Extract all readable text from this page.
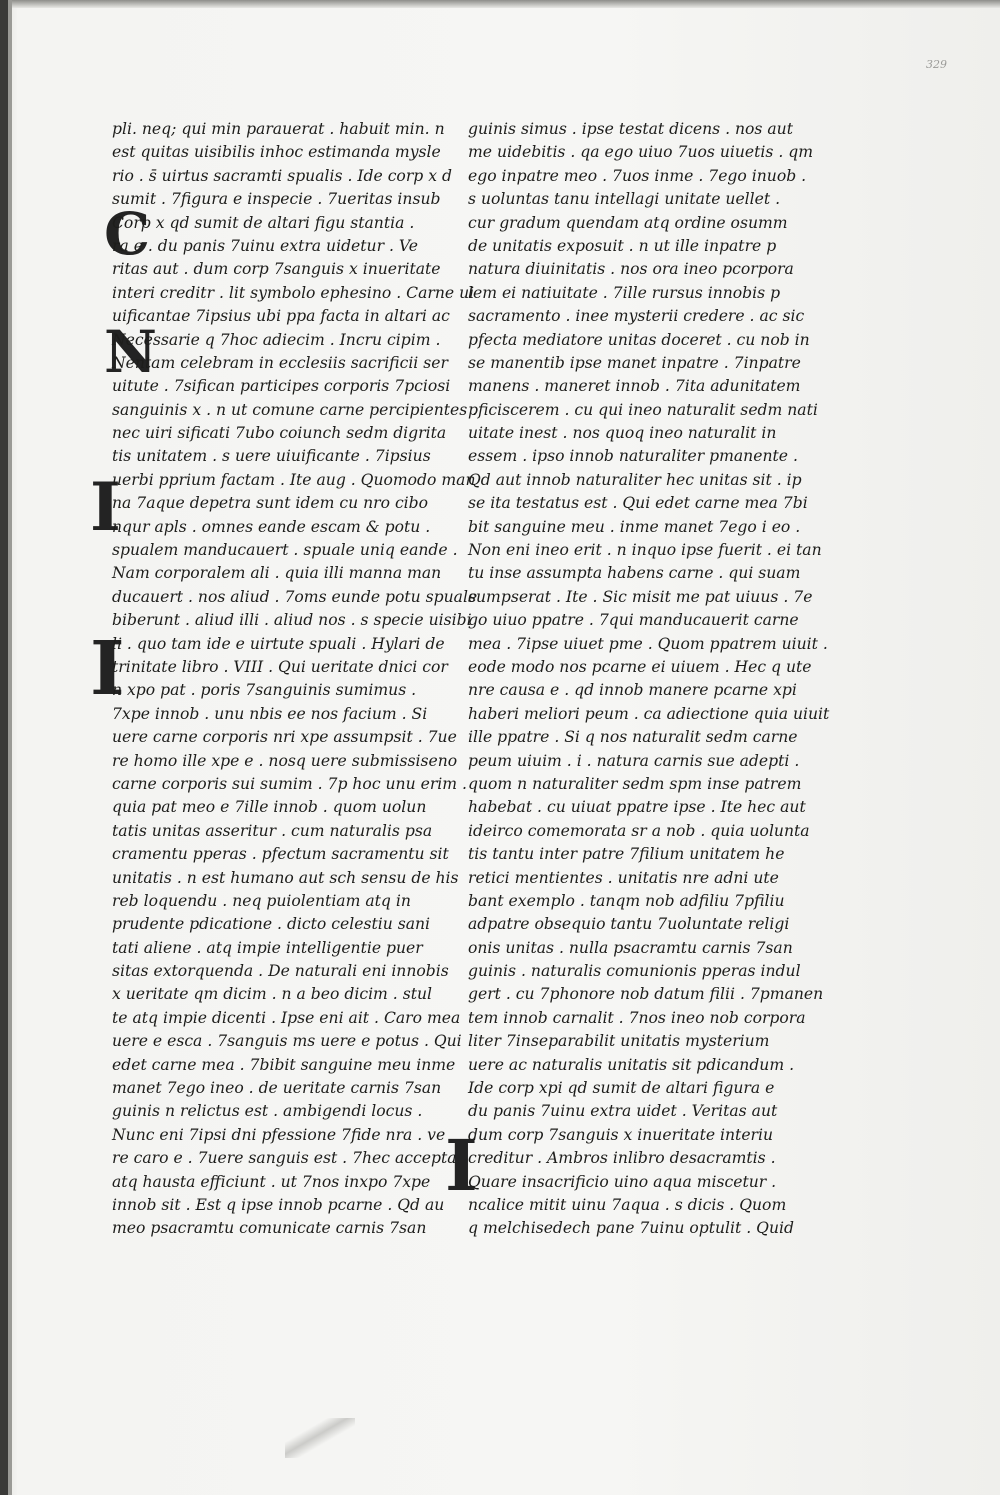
329
C
N
I
I
I
pli. neq; qui min parauerat . habuit min. n
est quitas uisibilis inhoc estimanda mysle
rio . s̄ uirtus sacramti spualis . Ide corp x d
sumit . 7figura e inspecie . 7ueritas insub
Corp x qd sumit de altari figu stantia .
ra e . du panis 7uinu extra uidetur . Ve
ritas aut . dum corp 7sanguis x inueritate
interi creditr . lit symbolo ephesino . Carne ui
uificantae 7ipsius ubi ppa facta in altari ac
Necessarie q 7hoc adiecim . Incru cipim .
Nentam celebram in ecclesiis sacrificii ser
uitute . 7sifican participes corporis 7pciosi
sanguinis x . n ut comune carne percipientes .
nec uiri sificati 7ubo coiunch sedm digrita
tis unitatem . s uere uiuificante . 7ipsius
uerbi pprium factam . Ite aug . Quomodo man
na 7aque depetra sunt idem cu nro cibo
nqur apls . omnes eande escam & potu .
spualem manducauert . spuale uniq eande .
Nam corporalem ali . quia illi manna man
ducauert . nos aliud . 7oms eunde potu spuale
biberunt . aliud illi . aliud nos . s specie uisibi
li . quo tam ide e uirtute spuali . Hylari de
trinitate libro . VIII . Qui ueritate dnici cor
n xpo pat . poris 7sanguinis sumimus .
7xpe innob . unu nbis ee nos facium . Si
uere carne corporis nri xpe assumpsit . 7ue
re homo ille xpe e . nosq uere submissiseno
carne corporis sui sumim . 7p hoc unu erim .
quia pat meo e 7ille innob . quom uolun
tatis unitas asseritur . cum naturalis psa
cramentu pperas . pfectum sacramentu sit
unitatis . n est humano aut sch sensu de his
reb loquendu . neq puiolentiam atq in
prudente pdicatione . dicto celestiu sani
tati aliene . atq impie intelligentie puer
sitas extorquenda . De naturali eni innobis
x ueritate qm dicim . n a beo dicim . stul
te atq impie dicenti . Ipse eni ait . Caro mea
uere e esca . 7sanguis ms uere e potus . Qui
edet carne mea . 7bibit sanguine meu inme
manet 7ego ineo . de ueritate carnis 7san
guinis n relictus est . ambigendi locus .
Nunc eni 7ipsi dni pfessione 7fide nra . ve
re caro e . 7uere sanguis est . 7hec accepta
atq hausta efficiunt . ut 7nos inxpo 7xpe
innob sit . Est q ipse innob pcarne . Qd au
meo psacramtu comunicate carnis 7san
guinis simus . ipse testat dicens . nos aut
me uidebitis . qa ego uiuo 7uos uiuetis . qm
ego inpatre meo . 7uos inme . 7ego inuob .
s uoluntas tanu intellagi unitate uellet .
cur gradum quendam atq ordine osumm
de unitatis exposuit . n ut ille inpatre p
natura diuinitatis . nos ora ineo pcorpora
lem ei natiuitate . 7ille rursus innobis p
sacramento . inee mysterii credere . ac sic
pfecta mediatore unitas doceret . cu nob in
se manentib ipse manet inpatre . 7inpatre
manens . maneret innob . 7ita adunitatem
pficiscerem . cu qui ineo naturalit sedm nati
uitate inest . nos quoq ineo naturalit in
essem . ipso innob naturaliter pmanente .
Qd aut innob naturaliter hec unitas sit . ip
se ita testatus est . Qui edet carne mea 7bi
bit sanguine meu . inme manet 7ego i eo .
Non eni ineo erit . n inquo ipse fuerit . ei tan
tu inse assumpta habens carne . qui suam
sumpserat . Ite . Sic misit me pat uiuus . 7e
go uiuo ppatre . 7qui manducauerit carne
mea . 7ipse uiuet pme . Quom ppatrem uiuit .
eode modo nos pcarne ei uiuem . Hec q ute
nre causa e . qd innob manere pcarne xpi
haberi meliori peum . ca adiectione quia uiuit
ille ppatre . Si q nos naturalit sedm carne
peum uiuim . i . natura carnis sue adepti .
quom n naturaliter sedm spm inse patrem
habebat . cu uiuat ppatre ipse . Ite hec aut
ideirco comemorata sr a nob . quia uolunta
tis tantu inter patre 7filium unitatem he
retici mentientes . unitatis nre adni ute
bant exemplo . tanqm nob adfiliu 7pfiliu
adpatre obsequio tantu 7uoluntate religi
onis unitas . nulla psacramtu carnis 7san
guinis . naturalis comunionis pperas indul
gert . cu 7phonore nob datum filii . 7pmanen
tem innob carnalit . 7nos ineo nob corpora
liter 7inseparabilit unitatis mysterium
uere ac naturalis unitatis sit pdicandum .
Ide corp xpi qd sumit de altari figura e
du panis 7uinu extra uidet . Veritas aut
dum corp 7sanguis x inueritate interiu
creditur . Ambros inlibro desacramtis .
Quare insacrificio uino aqua miscetur .
ncalice mitit uinu 7aqua . s dicis . Quom
q melchisedech pane 7uinu optulit . Quid
